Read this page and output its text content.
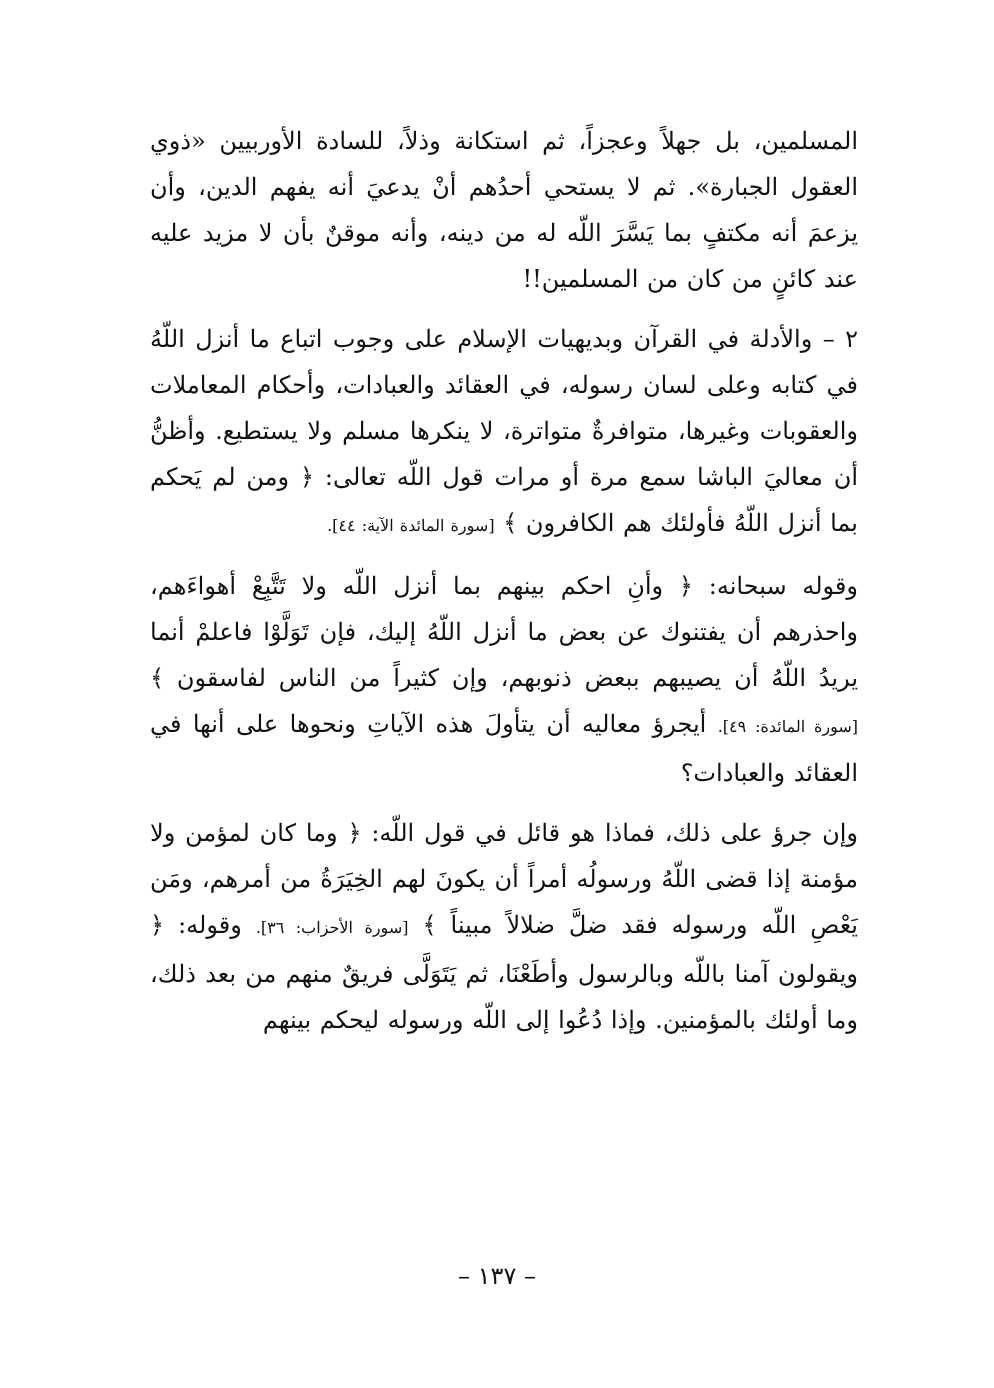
المسلمين، بل جهلاً وعجزاً، ثم استكانة وذلاً، للسادة الأوربيين «ذوي العقول الجبارة». ثم لا يستحي أحدُهم أنْ يدعيَ أنه يفهم الدين، وأن يزعمَ أنه مكتفٍ بما يَسَّرَ اللّه له من دينه، وأنه موقنٌ بأن لا مزيد عليه عند كائنٍ من كان من المسلمين!!

٢ – والأدلة في القرآن وبديهيات الإسلام على وجوب اتباع ما أنزل اللّهُ في كتابه وعلى لسان رسوله، في العقائد والعبادات، وأحكام المعاملات والعقوبات وغيرها، متوافرةٌ متواترة، لا ينكرها مسلم ولا يستطيع. وأظنُّ أن معاليَ الباشا سمع مرة أو مرات قول اللّه تعالى: ﴿ ومن لم يَحكم بما أنزل اللّهُ فأولئك هم الكافرون ﴾ [سورة المائدة الآية: ٤٤].

وقوله سبحانه: ﴿ وأنِ احكم بينهم بما أنزل اللّه ولا تَتَّبِعْ أهواءَهم، واحذرهم أن يفتنوك عن بعض ما أنزل اللّهُ إليك، فإن تَوَلَّوْا فاعلمْ أنما يريدُ اللّهُ أن يصيبهم ببعض ذنوبهم، وإن كثيراً من الناس لفاسقون ﴾ [سورة المائدة: ٤٩]. أيجرؤ معاليه أن يتأولَ هذه الآياتِ ونحوها على أنها في العقائد والعبادات؟

وإن جرؤ على ذلك، فماذا هو قائل في قول اللّه: ﴿ وما كان لمؤمن ولا مؤمنة إذا قضى اللّهُ ورسولُه أمراً أن يكونَ لهم الخِيَرَةُ من أمرهم، ومَن يَعْصِ اللّه ورسوله فقد ضلَّ ضلالاً مبيناً ﴾ [سورة الأحزاب: ٣٦]. وقوله: ﴿ ويقولون آمنا باللّه وبالرسول وأطَعْنَا، ثم يَتَوَلَّى فريقٌ منهم من بعد ذلك، وما أولئك بالمؤمنين. وإذا دُعُوا إلى اللّه ورسوله ليحكم بينهم

– ١٣٧ –
